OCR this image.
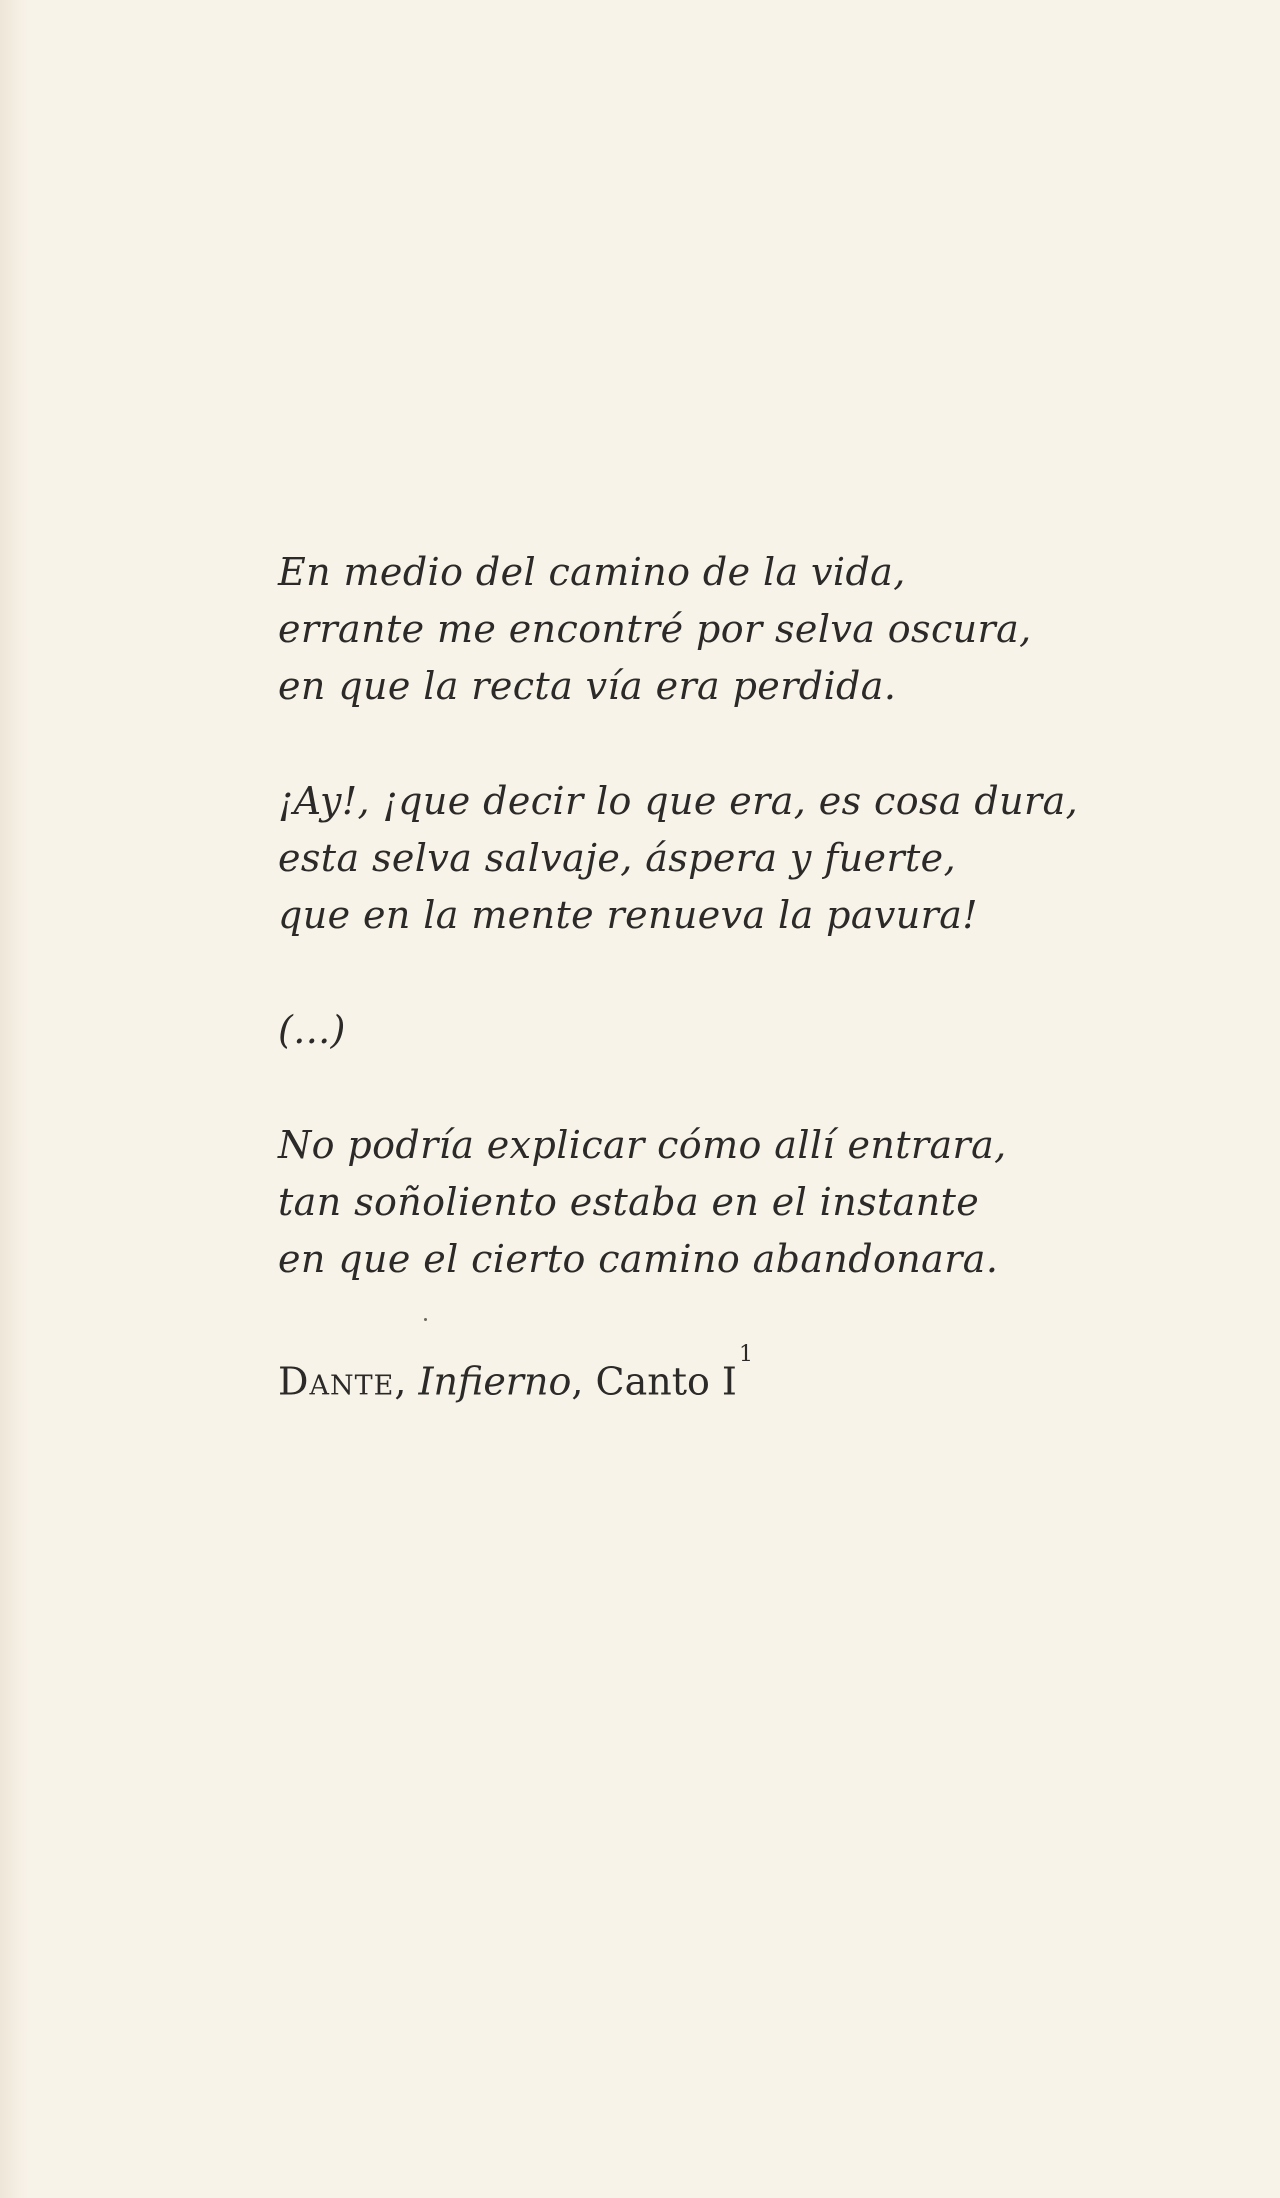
En medio del camino de la vida,
errante me encontré por selva oscura,
en que la recta vía era perdida.
¡Ay!, ¡que decir lo que era, es cosa dura,
esta selva salvaje, áspera y fuerte,
que en la mente renueva la pavura!
(...)
No podría explicar cómo allí entrara,
tan soñoliento estaba en el instante
en que el cierto camino abandonara.
Dante, Infierno, Canto I$^1$
